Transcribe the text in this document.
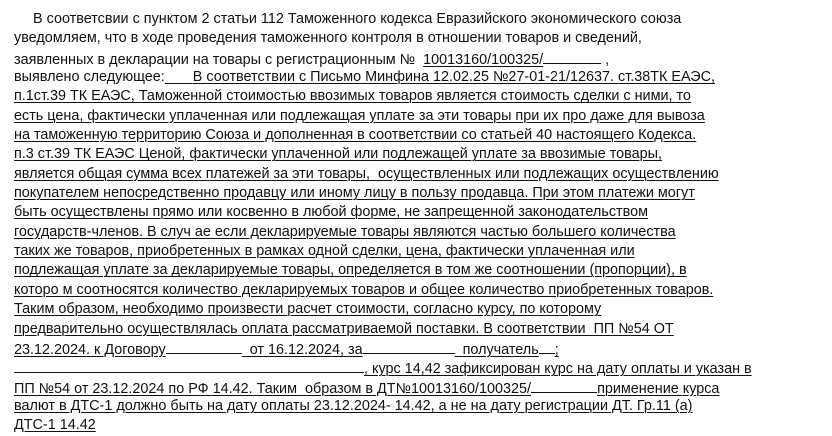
В соответсвии с пунктом 2 статьи 112 Таможенного кодекса Евразийского экономического союза
уведомляем, что в ходе проведения таможенного контроля в отношении товаров и сведений,
заявленных в декларации на товары с регистрационным № 10013160/100325/	,
выявлено следующее: В соответствии с Письмо Минфина 12.02.25 №27-01-21/12637. ст.38ТК ЕАЭС,
п.1ст.39 ТК ЕАЭС, Таможенной стоимостью ввозимых товаров является стоимость сделки с ними, то
есть цена, фактически уплаченная или подлежащая уплате за эти товары при их про даже для вывоза
на таможенную территорию Союза и дополненная в соответствии со статьей 40 настоящего Кодекса.
п.3 ст.39 ТК ЕАЭС Ценой, фактически уплаченной или подлежащей уплате за ввозимые товары,
является общая сумма всех платежей за эти товары,  осуществленных или подлежащих осуществлению
покупателем непосредственно продавцу или иному лицу в пользу продавца. При этом платежи могут
быть осуществлены прямо или косвенно в любой форме, не запрещенной законодательством
государств-членов. В случ ае если декларируемые товары являются частью большего количества
таких же товаров, приобретенных в рамках одной сделки, цена, фактически уплаченная или
подлежащая уплате за декларируемые товары, определяется в том же соотношении (пропорции), в
которо м соотносятся количество декларируемых товаров и общее количество приобретенных товаров.
Таким образом, необходимо произвести расчет стоимости, согласно курсу, по которому
предварительно осуществлялась оплата рассматриваемой поставки. В соответствии  ПП №54 ОТ
23.12.2024. к Договору	от 16.12.2024, за	получатель ;
, курс 14,42 зафиксирован курс на дату оплаты и указан в
ПП №54 от 23.12.2024 по РФ 14.42. Таким  образом в ДТ№10013160/100325/	применение курса
валют в ДТС-1 должно быть на дату оплаты 23.12.2024- 14.42, а не на дату регистрации ДТ. Гр.11 (а)
ДТС-1 14.42
